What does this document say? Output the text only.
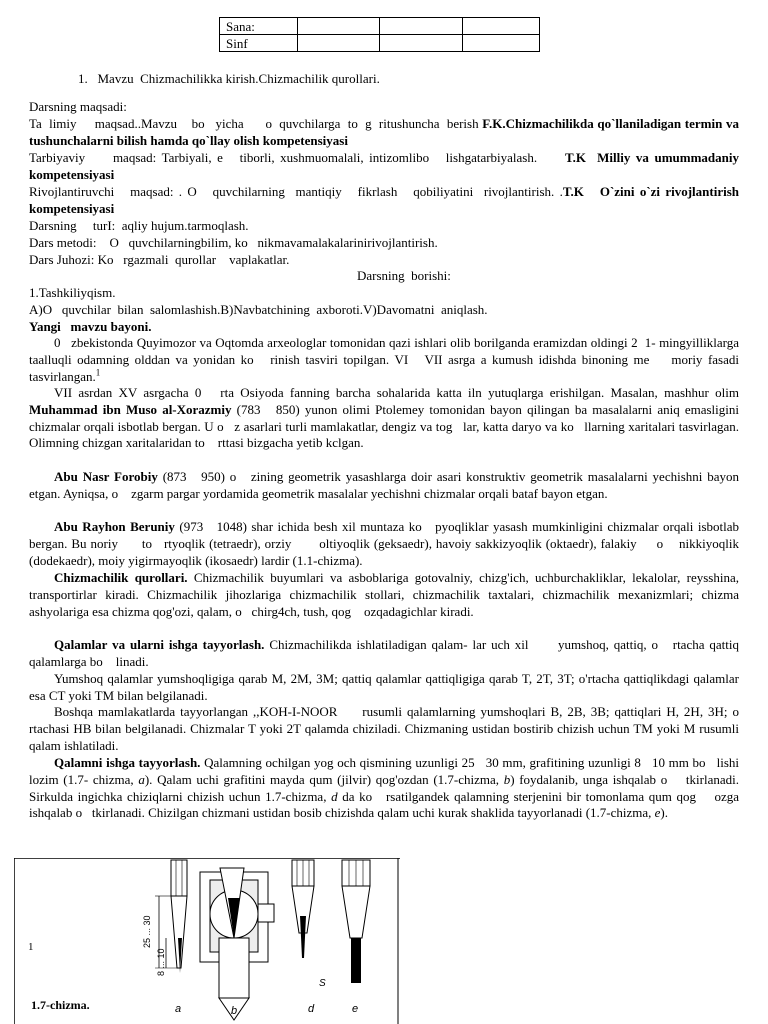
Sana:			
Sinf			
1.   Mavzu  Chizmachilikka kirish.Chizmachilik qurollari.
Darsning maqsadi:
Ta  limiy     maqsad..Mavzu    bo   yicha      o  quvchilarga  to  g  ritushuncha  berish F.K.Chizmachilikda qo`llaniladigan termin va tushunchalarni bilish hamda qo`llay olish kompetensiyasi
Tarbiyaviy     maqsad: Tarbiyali, e   tiborli, xushmuomalali, intizomlibo   lishgatarbiyalash.     T.K  Milliy va umummadaniy kompetensiyasi
Rivojlantiruvchi   maqsad: . O   quvchilarning  mantiqiy   fikrlash   qobiliyatini  rivojlantirish. .T.K   O`zini o`zi rivojlantirish kompetensiyasi
Darsning     turI:  aqliy hujum.tarmoqlash.
Dars metodi:    O   quvchilarningbilim, ko   nikmavamalakalarinirivojlantirish.
Dars Juhozi: Ko   rgazmali  qurollar    vaplakatlar.
Darsning  borishi:
1.Tashkiliyqism.
A)O   quvchilar  bilan  salomlashish.B)Navbatchining  axboroti.V)Davomatni  aniqlash.
Yangi   mavzu bayoni.
0   zbekistonda Quyimozor va Oqtomda arxeologlar tomonidan qazi ishlari olib borilganda eramizdan oldingi 2  1- mingyilliklarga taalluqli odamning olddan va yonidan ko   rinish tasviri topilgan. VI   VII asrga a kumush idishda binoning me    moriy fasadi tasvirlangan.$^1$
VII asrdan XV asrgacha 0   rta Osiyoda fanning barcha sohalarida katta iln yutuqlarga erishilgan. Masalan, mashhur olim Muhammad ibn Muso al-Xorazmiy (783   850) yunon olimi Ptolemey tomonidan bayon qilingan ba masalalarni aniq emasligini chizmalar orqali isbotlab bergan. U o   z asarlari turli mamlakatlar, dengiz va tog   lar, katta daryo va ko   llarning xaritalari tasvirlagan. Olimning chizgan xaritalaridan to    rttasi bizgacha yetib kclgan.
Abu Nasr Forobiy (873   950) o   zining geometrik yasashlarga doir asari konstruktiv geometrik masalalarni yechishni bayon etgan. Ayniqsa, o    zgarm pargar yordamida geometrik masalalar yechishni chizmalar orqali bataf bayon etgan.
Abu Rayhon Beruniy (973   1048) shar ichida besh xil muntaza ko   pyoqliklar yasash mumkinligini chizmalar orqali isbotlab bergan. Bu noriy      to   rtyoqlik (tetraedr), orziy       oltiyoqlik (geksaedr), havoiy sakkizyoqlik (oktaedr), falakiy     o    nikkiyoqlik (dodekaedr), moiy yigirmayoqlik (ikosaedr) lardir (1.1-chizma).
Chizmachilik qurollari. Chizmachilik buyumlari va asboblariga gotovalniy, chizg'ich, uchburchakliklar, lekalolar, reysshina, transportirlar kiradi. Chizmachilik jihozlariga chizmachilik stollari, chizmachilik taxtalari, chizmachilik mexanizmlari; chizma ashyolariga esa chizma qog'ozi, qalam, o   chirg4ch, tush, qog    ozqadagichlar kiradi.
Qalamlar va ularni ishga tayyorlash. Chizmachilikda ishlatiladigan qalam- lar uch xil      yumshoq, qattiq, o   rtacha qattiq qalamlarga bo    linadi.
Yumshoq qalamlar yumshoqligiga qarab M, 2M, 3M; qattiq qalamlar qattiqligiga qarab T, 2T, 3T; o'rtacha qattiqlikdagi qalamlar esa CT yoki TM bilan belgilanadi.
Boshqa mamlakatlarda tayyorlangan ,,KOH-I-NOOR     rusumli qalamlarning yumshoqlari B, 2B, 3B; qattiqlari H, 2H, 3H; o   rtachasi HB bilan belgilanadi. Chizmalar T yoki 2T qalamda chiziladi. Chizmaning ustidan bostirib chizish uchun TM yoki M rusumli qalam ishlatiladi.
Qalamni ishga tayyorlash. Qalamning ochilgan yog och qismining uzunligi 25   30 mm, grafitining uzunligi 8   10 mm bo   lishi lozim (1.7- chizma, a). Qalam uchi grafitini mayda qum (jilvir) qog'ozdan (1.7-chizma, b) foydalanib, unga ishqalab o    tkirlanadi. Sirkulda ingichka chiziqlarni chizish uchun 1.7-chizma, d da ko   rsatilgandek qalamning sterjenini bir tomonlama qum qog    ozga ishqalab o   tkirlanadi. Chizilgan chizmani ustidan bosib chizishda qalam uchi kurak shaklida tayyorlanadi (1.7-chizma, e).
1	25 ... 30
8 ... 10
S
1.7-chizma.	a	b	d	e
